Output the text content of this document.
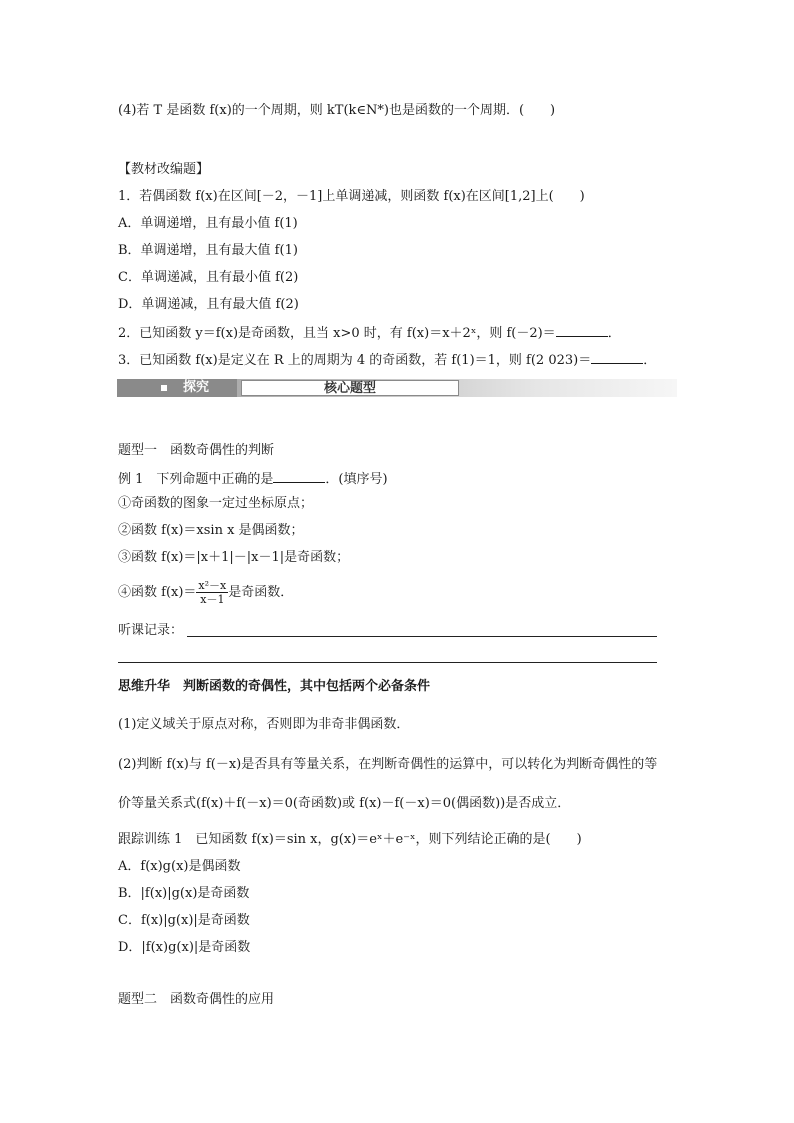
(4)若 T 是函数 f(x)的一个周期，则 kT(k∈N*)也是函数的一个周期．(　　)
【教材改编题】
1．若偶函数 f(x)在区间[－2，－1]上单调递减，则函数 f(x)在区间[1,2]上(　　)
A．单调递增，且有最小值 f(1)
B．单调递增，且有最大值 f(1)
C．单调递减，且有最小值 f(2)
D．单调递减，且有最大值 f(2)
2．已知函数 y＝f(x)是奇函数，且当 x>0 时，有 f(x)＝x＋2ˣ，则 f(－2)＝	．
3．已知函数 f(x)是定义在 R 上的周期为 4 的奇函数，若 f(1)＝1，则 f(2 023)＝	．
探究	核心题型
题型一　函数奇偶性的判断
例 1　下列命题中正确的是	．(填序号)
①奇函数的图象一定过坐标原点；
②函数 f(x)＝xsin x 是偶函数；
③函数 f(x)＝|x＋1|－|x－1|是奇函数；
④函数 $f(x)= \frac{\text{x²－x}}{x-1}$ 是奇函数．
听课记录：
思维升华　判断函数的奇偶性，其中包括两个必备条件
(1)定义域关于原点对称，否则即为非奇非偶函数．
(2)判断 f(x)与 f(－x)是否具有等量关系，在判断奇偶性的运算中，可以转化为判断奇偶性的等
价等量关系式(f(x)＋f(－x)＝0(奇函数)或 f(x)－f(－x)＝0(偶函数))是否成立．
跟踪训练 1　已知函数 f(x)＝sin x，g(x)＝eˣ＋e⁻ˣ，则下列结论正确的是(　　)
A．f(x)g(x)是偶函数
B．|f(x)|g(x)是奇函数
C．f(x)|g(x)|是奇函数
D．|f(x)g(x)|是奇函数
题型二　函数奇偶性的应用
